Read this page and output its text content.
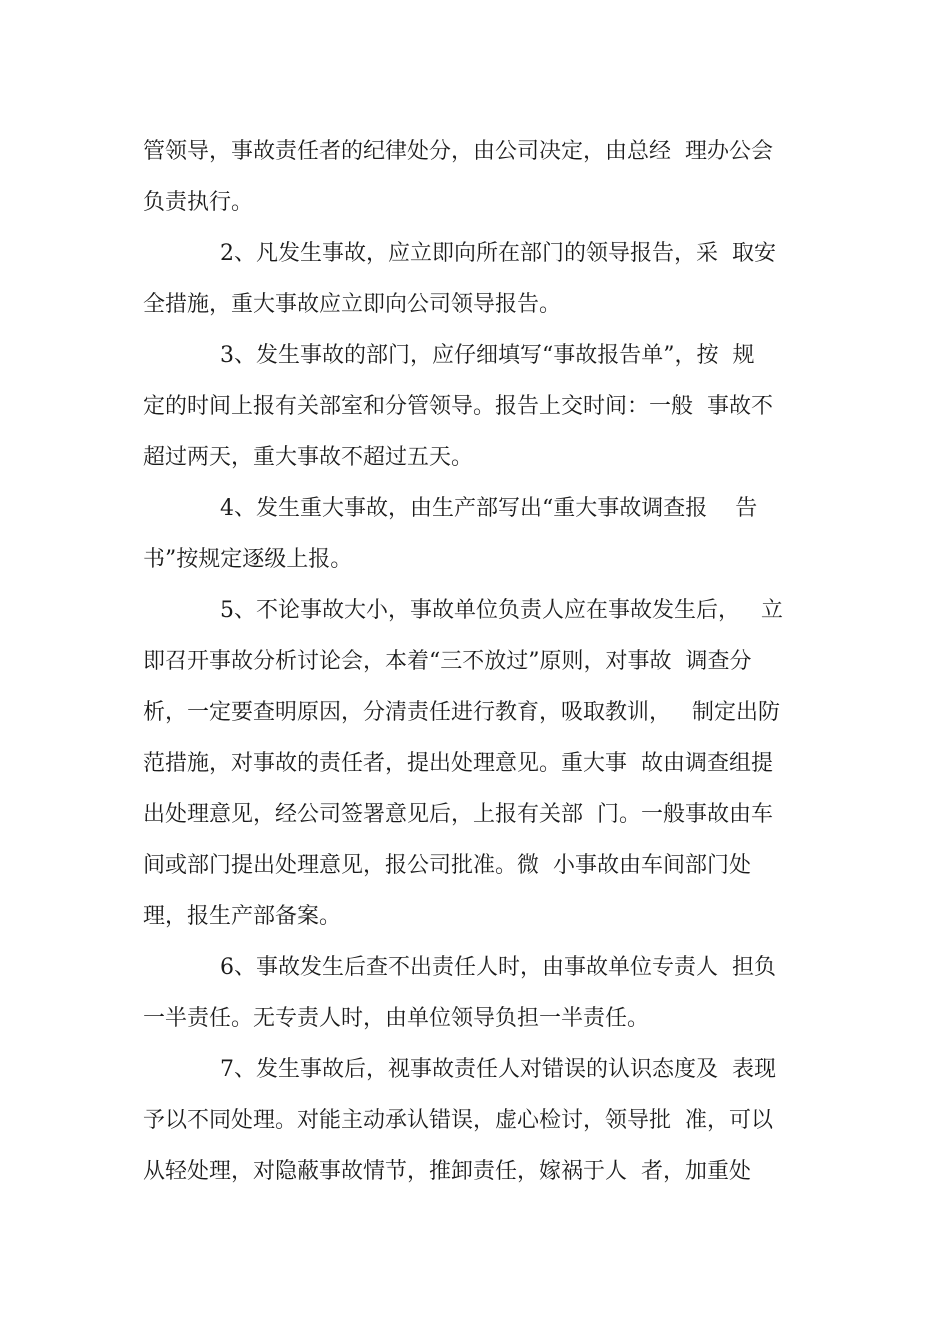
管领导，事故责任者的纪律处分，由公司决定，由总经  理办公会
负责执行。
2、凡发生事故，应立即向所在部门的领导报告，采  取安
全措施，重大事故应立即向公司领导报告。
3、发生事故的部门，应仔细填写“事故报告单”，按  规
定的时间上报有关部室和分管领导。报告上交时间：一般  事故不
超过两天，重大事故不超过五天。
4、发生重大事故，由生产部写出“重大事故调查报    告
书”按规定逐级上报。
5、不论事故大小，事故单位负责人应在事故发生后，   立
即召开事故分析讨论会，本着“三不放过”原则，对事故  调查分
析，一定要查明原因，分清责任进行教育，吸取教训，   制定出防
范措施，对事故的责任者，提出处理意见。重大事  故由调查组提
出处理意见，经公司签署意见后，上报有关部  门。一般事故由车
间或部门提出处理意见，报公司批准。微  小事故由车间部门处
理，报生产部备案。
6、事故发生后查不出责任人时，由事故单位专责人  担负
一半责任。无专责人时，由单位领导负担一半责任。
7、发生事故后，视事故责任人对错误的认识态度及  表现
予以不同处理。对能主动承认错误，虚心检讨，领导批  准，可以
从轻处理，对隐蔽事故情节，推卸责任，嫁祸于人  者，加重处
